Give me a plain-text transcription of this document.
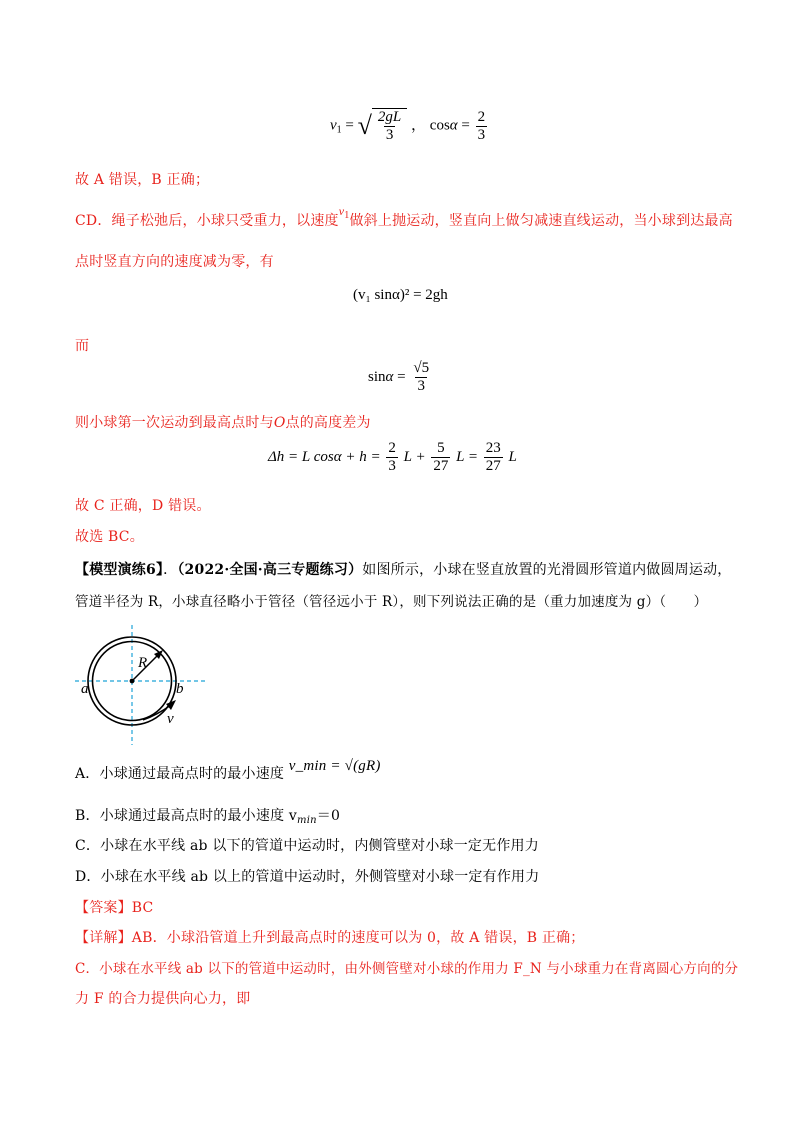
$v_1$ = √ $\frac{2gL}{3}$ ， $\cos\alpha = \frac{2}{3}$
故 A 错误，B 正确；
CD．绳子松弛后，小球只受重力，以速度$v_1$做斜上抛运动，竖直向上做匀减速直线运动，当小球到达最高
点时竖直方向的速度减为零，有
(v₁ sinα)² = 2gh
而
$\sin\alpha = \frac{√5}{3}$
则小球第一次运动到最高点时与O点的高度差为
Δh = L $\cos\alpha + h = \frac{2}{3}$ $L + \frac{5}{27}$ $L = \frac{23}{27}$ L
故 C 正确，D 错误。
故选 BC。
【模型演练6】．（2022·全国·高三专题练习）如图所示，小球在竖直放置的光滑圆形管道内做圆周运动，
管道半径为 R，小球直径略小于管径（管径远小于 R），则下列说法正确的是（重力加速度为 g）（　　）
R
a	b
v
A．小球通过最高点时的最小速度 v_min = √(gR)
B．小球通过最高点时的最小速度 $v_{min}=0$
C．小球在水平线 ab 以下的管道中运动时，内侧管壁对小球一定无作用力
D．小球在水平线 ab 以上的管道中运动时，外侧管壁对小球一定有作用力
【答案】BC
【详解】AB．小球沿管道上升到最高点时的速度可以为 0，故 A 错误，B 正确；
C．小球在水平线 ab 以下的管道中运动时，由外侧管壁对小球的作用力 F_N 与小球重力在背离圆心方向的分
力 F 的合力提供向心力，即
